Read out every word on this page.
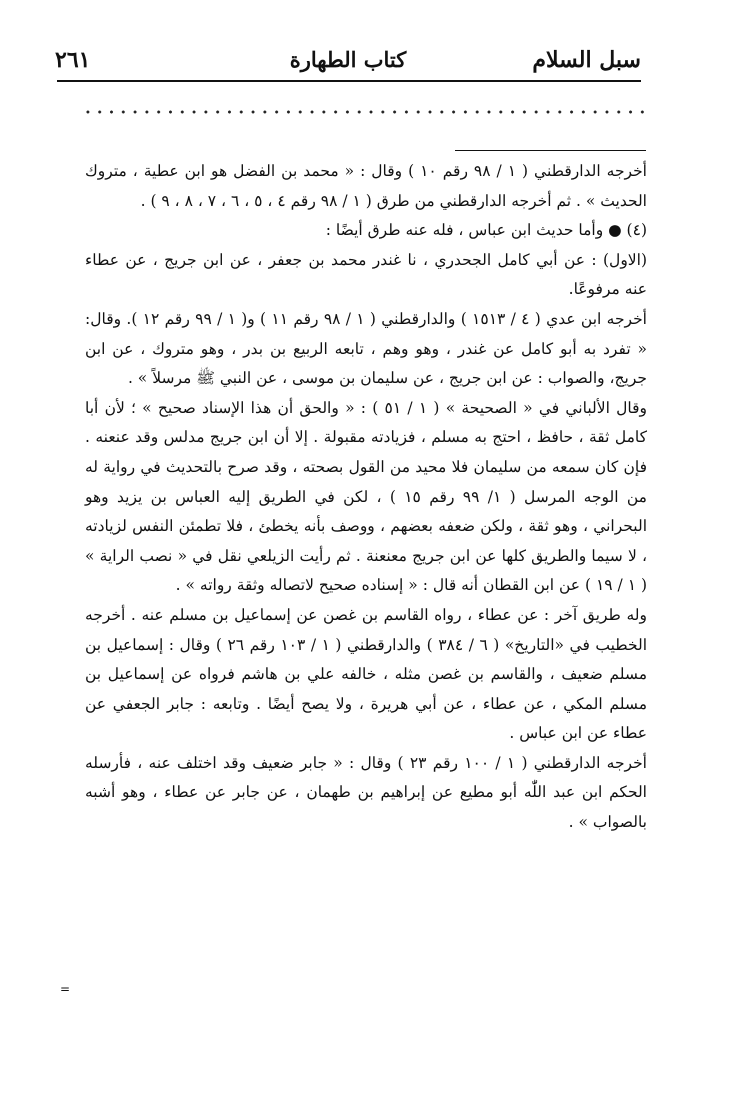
سبل السلام
كتاب الطهارة
٢٦١

أخرجه الدارقطني ( ١ / ٩٨ رقم ١٠ ) وقال : « محمد بن الفضل هو ابن عطية ، متروك الحديث » . ثم أخرجه الدارقطني من طرق ( ١ / ٩٨ رقم ٤ ، ٥ ، ٦ ، ٧ ، ٨ ، ٩ ) .

(٤) ● وأما حديث ابن عباس ، فله عنه طرق أيضًا :

(الاول) : عن أبي كامل الجحدري ، نا غندر محمد بن جعفر ، عن ابن جريج ، عن عطاء عنه مرفوعًا.

أخرجه ابن عدي ( ٤ / ١٥١٣ ) والدارقطني ( ١ / ٩٨ رقم ١١ ) و( ١ / ٩٩ رقم ١٢ ). وقال: « تفرد به أبو كامل عن غندر ، وهو وهم ، تابعه الربيع بن بدر ، وهو متروك ، عن ابن جريج، والصواب : عن ابن جريج ، عن سليمان بن موسى ، عن النبي ﷺ مرسلاً » .

وقال الألباني في « الصحيحة » ( ١ / ٥١ ) : « والحق أن هذا الإسناد صحيح » ؛ لأن أبا كامل ثقة ، حافظ ، احتج به مسلم ، فزيادته مقبولة . إلا أن ابن جريج مدلس وقد عنعنه . فإن كان سمعه من سليمان فلا محيد من القول بصحته ، وقد صرح بالتحديث في رواية له من الوجه المرسل ( ١/ ٩٩ رقم ١٥ ) ، لكن في الطريق إليه العباس بن يزيد وهو البحراني ، وهو ثقة ، ولكن ضعفه بعضهم ، ووصف بأنه يخطئ ، فلا تطمئن النفس لزيادته ، لا سيما والطريق كلها عن ابن جريج معنعنة . ثم رأيت الزيلعي نقل في « نصب الراية » ( ١ / ١٩ ) عن ابن القطان أنه قال : « إسناده صحيح لاتصاله وثقة رواته » .

وله طريق آخر : عن عطاء ، رواه القاسم بن غصن عن إسماعيل بن مسلم عنه . أخرجه الخطيب في «التاريخ» ( ٦ / ٣٨٤ ) والدارقطني ( ١ / ١٠٣ رقم ٢٦ ) وقال : إسماعيل بن مسلم ضعيف ، والقاسم بن غصن مثله ، خالفه علي بن هاشم فرواه عن إسماعيل بن مسلم المكي ، عن عطاء ، عن أبي هريرة ، ولا يصح أيضًا . وتابعه : جابر الجعفي عن عطاء عن ابن عباس .

أخرجه الدارقطني ( ١ / ١٠٠ رقم ٢٣ ) وقال : « جابر ضعيف وقد اختلف عنه ، فأرسله الحكم ابن عبد اللّٰه أبو مطيع عن إبراهيم بن طهمان ، عن جابر عن عطاء ، وهو أشبه بالصواب » .

=
